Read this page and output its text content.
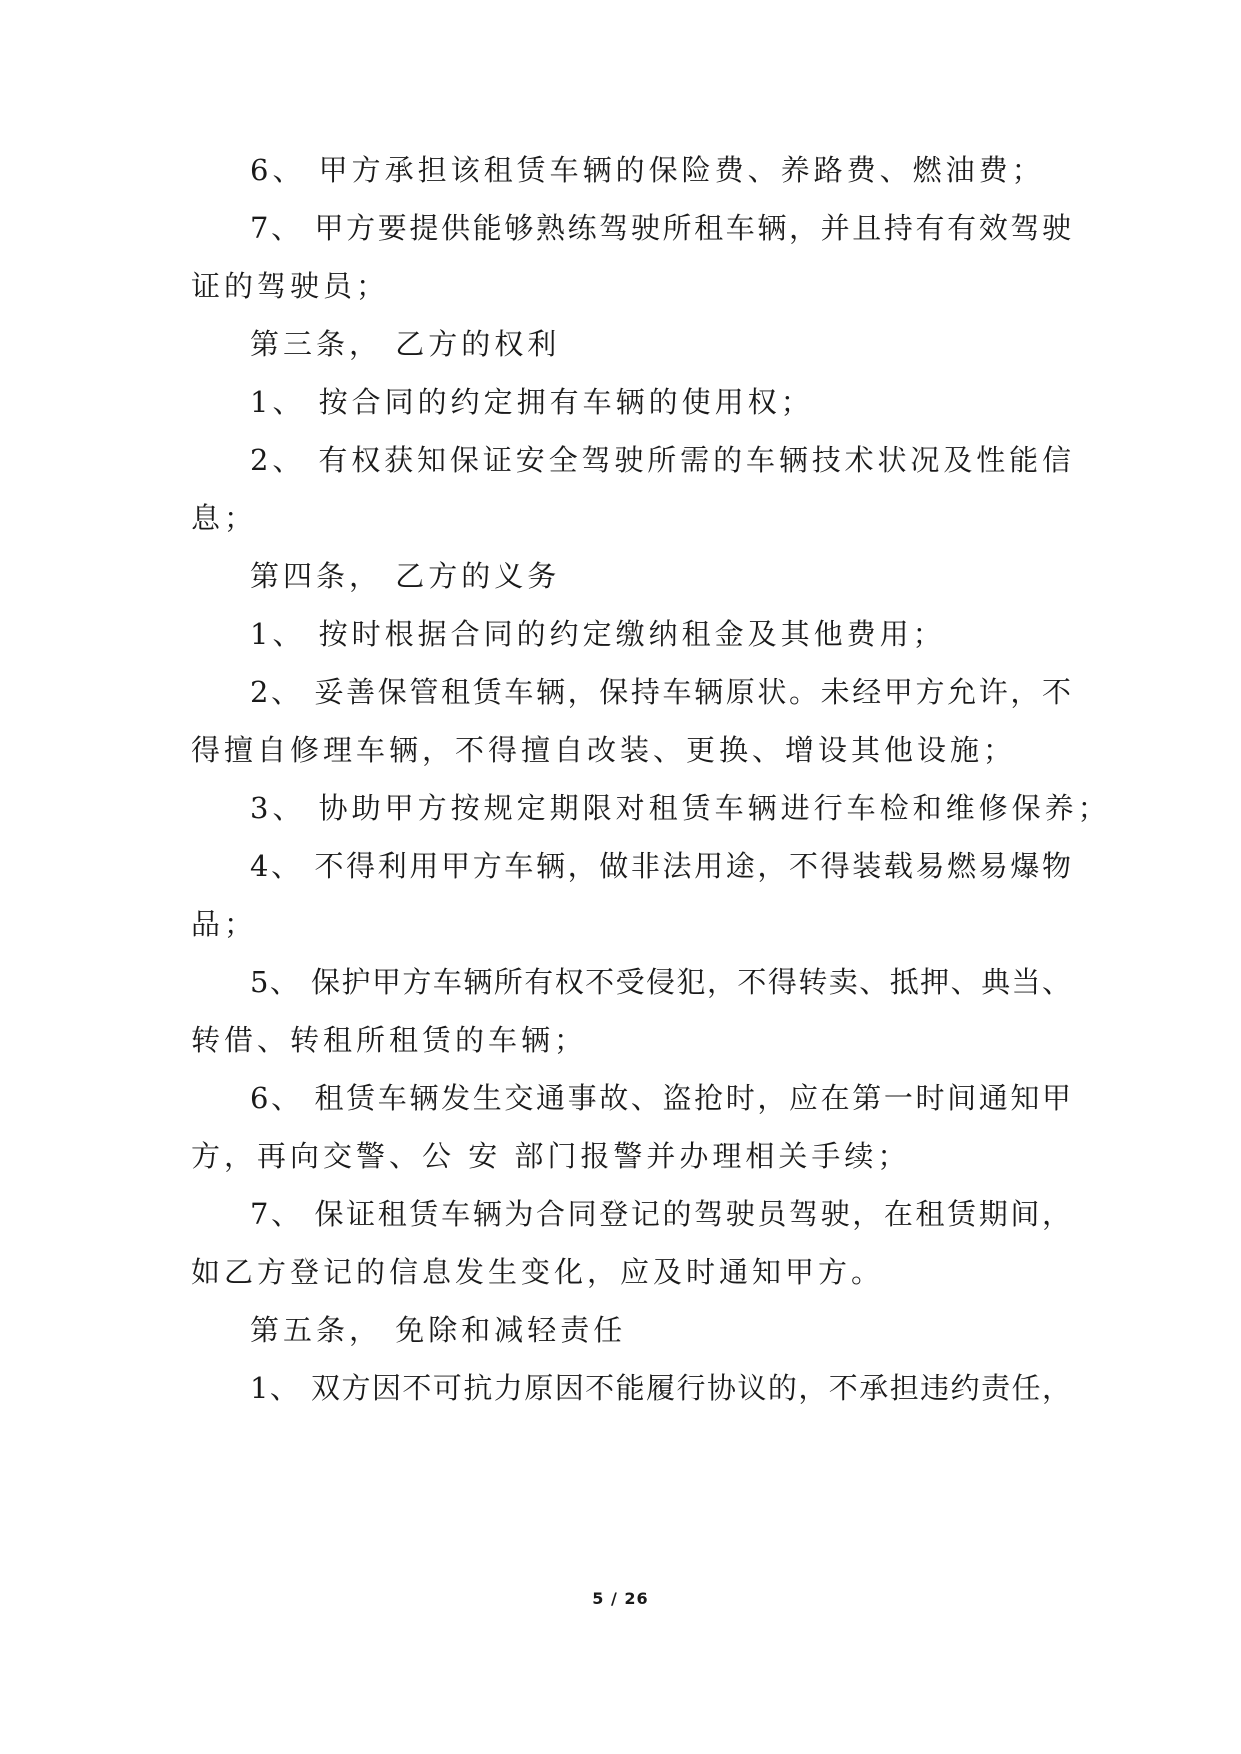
6、 甲方承担该租赁车辆的保险费、养路费、燃油费；
7、 甲方要提供能够熟练驾驶所租车辆，并且持有有效驾驶
证的驾驶员；
第三条， 乙方的权利
1、 按合同的约定拥有车辆的使用权；
2、 有权获知保证安全驾驶所需的车辆技术状况及性能信
息；
第四条， 乙方的义务
1、 按时根据合同的约定缴纳租金及其他费用；
2、 妥善保管租赁车辆，保持车辆原状。未经甲方允许，不
得擅自修理车辆，不得擅自改装、更换、增设其他设施；
3、 协助甲方按规定期限对租赁车辆进行车检和维修保养；
4、 不得利用甲方车辆，做非法用途，不得装载易燃易爆物
品；
5、 保护甲方车辆所有权不受侵犯，不得转卖、抵押、典当、
转借、转租所租赁的车辆；
6、 租赁车辆发生交通事故、盗抢时，应在第一时间通知甲
方，再向交警、公 安 部门报警并办理相关手续；
7、 保证租赁车辆为合同登记的驾驶员驾驶，在租赁期间，
如乙方登记的信息发生变化，应及时通知甲方。
第五条， 免除和减轻责任
1、 双方因不可抗力原因不能履行协议的，不承担违约责任，
5 / 26
